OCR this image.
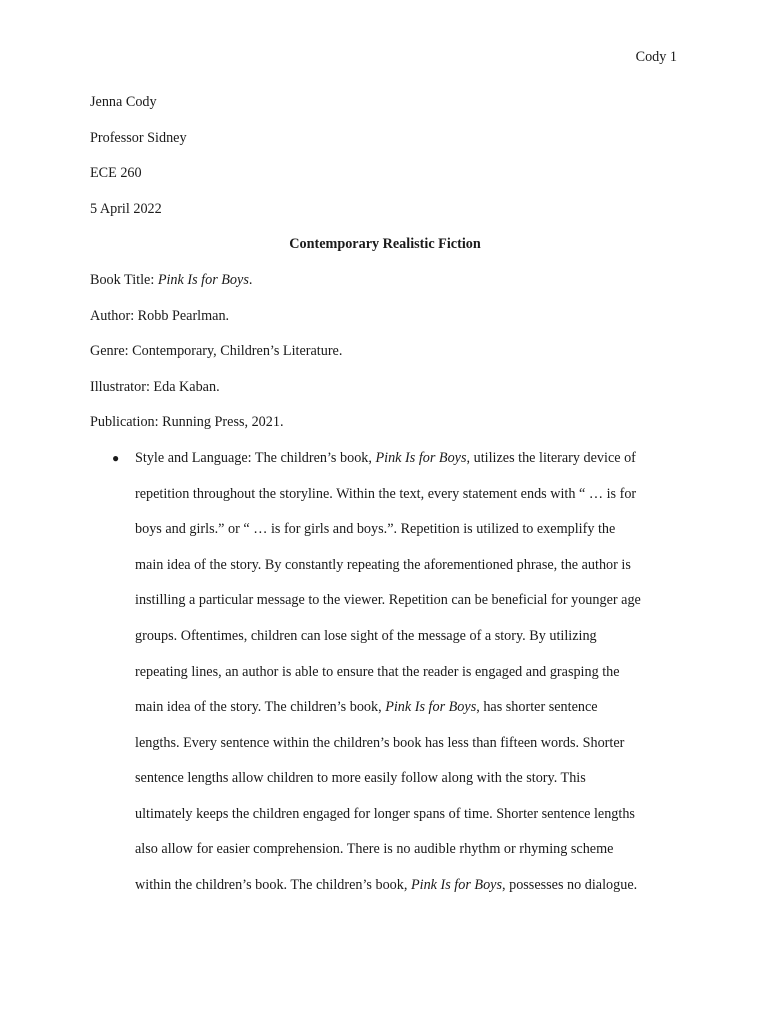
Cody 1

Jenna Cody

Professor Sidney

ECE 260

5 April 2022

Contemporary Realistic Fiction

Book Title: Pink Is for Boys.

Author: Robb Pearlman.

Genre: Contemporary, Children’s Literature.

Illustrator: Eda Kaban.

Publication: Running Press, 2021.

● Style and Language: The children’s book, Pink Is for Boys, utilizes the literary device of
repetition throughout the storyline. Within the text, every statement ends with “ … is for
boys and girls.” or “ … is for girls and boys.”. Repetition is utilized to exemplify the
main idea of the story. By constantly repeating the aforementioned phrase, the author is
instilling a particular message to the viewer. Repetition can be beneficial for younger age
groups. Oftentimes, children can lose sight of the message of a story. By utilizing
repeating lines, an author is able to ensure that the reader is engaged and grasping the
main idea of the story. The children’s book, Pink Is for Boys, has shorter sentence
lengths. Every sentence within the children’s book has less than fifteen words. Shorter
sentence lengths allow children to more easily follow along with the story. This
ultimately keeps the children engaged for longer spans of time. Shorter sentence lengths
also allow for easier comprehension. There is no audible rhythm or rhyming scheme
within the children’s book. The children’s book, Pink Is for Boys, possesses no dialogue.
